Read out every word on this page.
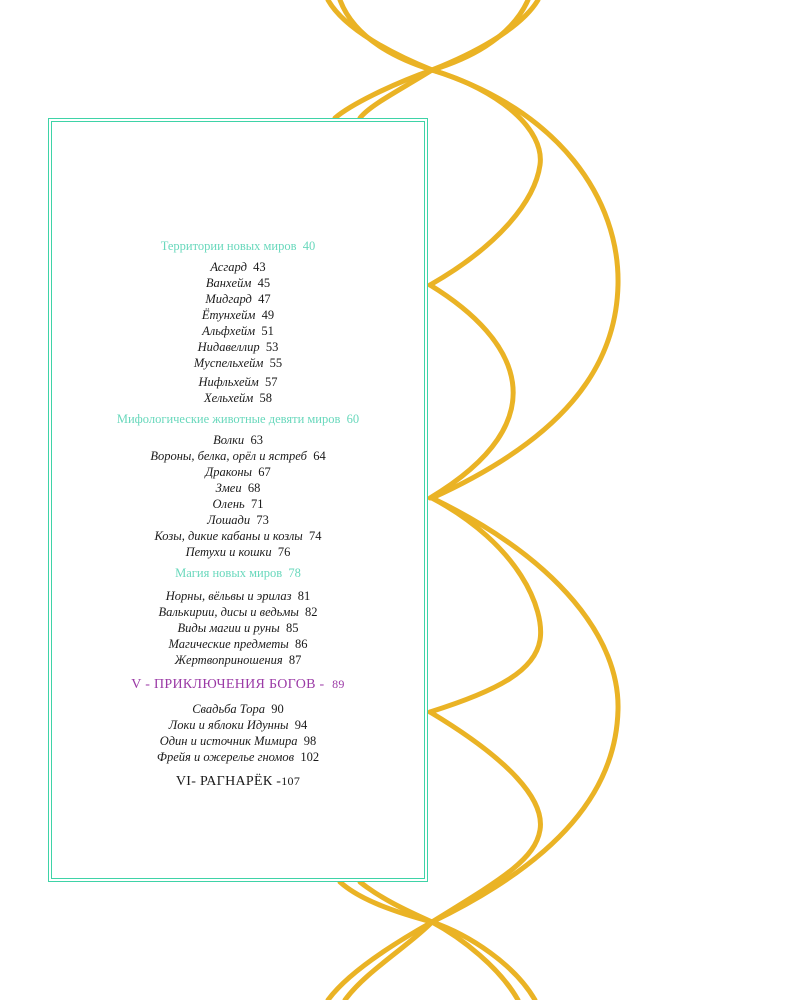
Территории новых миров 40
Асгард 43
Ванхейм 45
Мидгард 47
Ётунхейм 49
Альфхейм 51
Нидавеллир 53
Муспельхейм 55
Нифльхейм 57
Хельхейм 58
Мифологические животные девяти миров 60
Волки 63
Вороны, белка, орёл и ястреб 64
Драконы 67
Змеи 68
Олень 71
Лошади 73
Козы, дикие кабаны и козлы 74
Петухи и кошки 76
Магия новых миров 78
Норны, вёльвы и эрилаз 81
Валькирии, дисы и ведьмы 82
Виды магии и руны 85
Магические предметы 86
Жертвоприношения 87
V - ПРИКЛЮЧЕНИЯ БОГОВ - 89
Свадьба Тора 90
Локи и яблоки Идунны 94
Один и источник Мимира 98
Фрейя и ожерелье гномов 102
VI- РАГНАРЁК -107
